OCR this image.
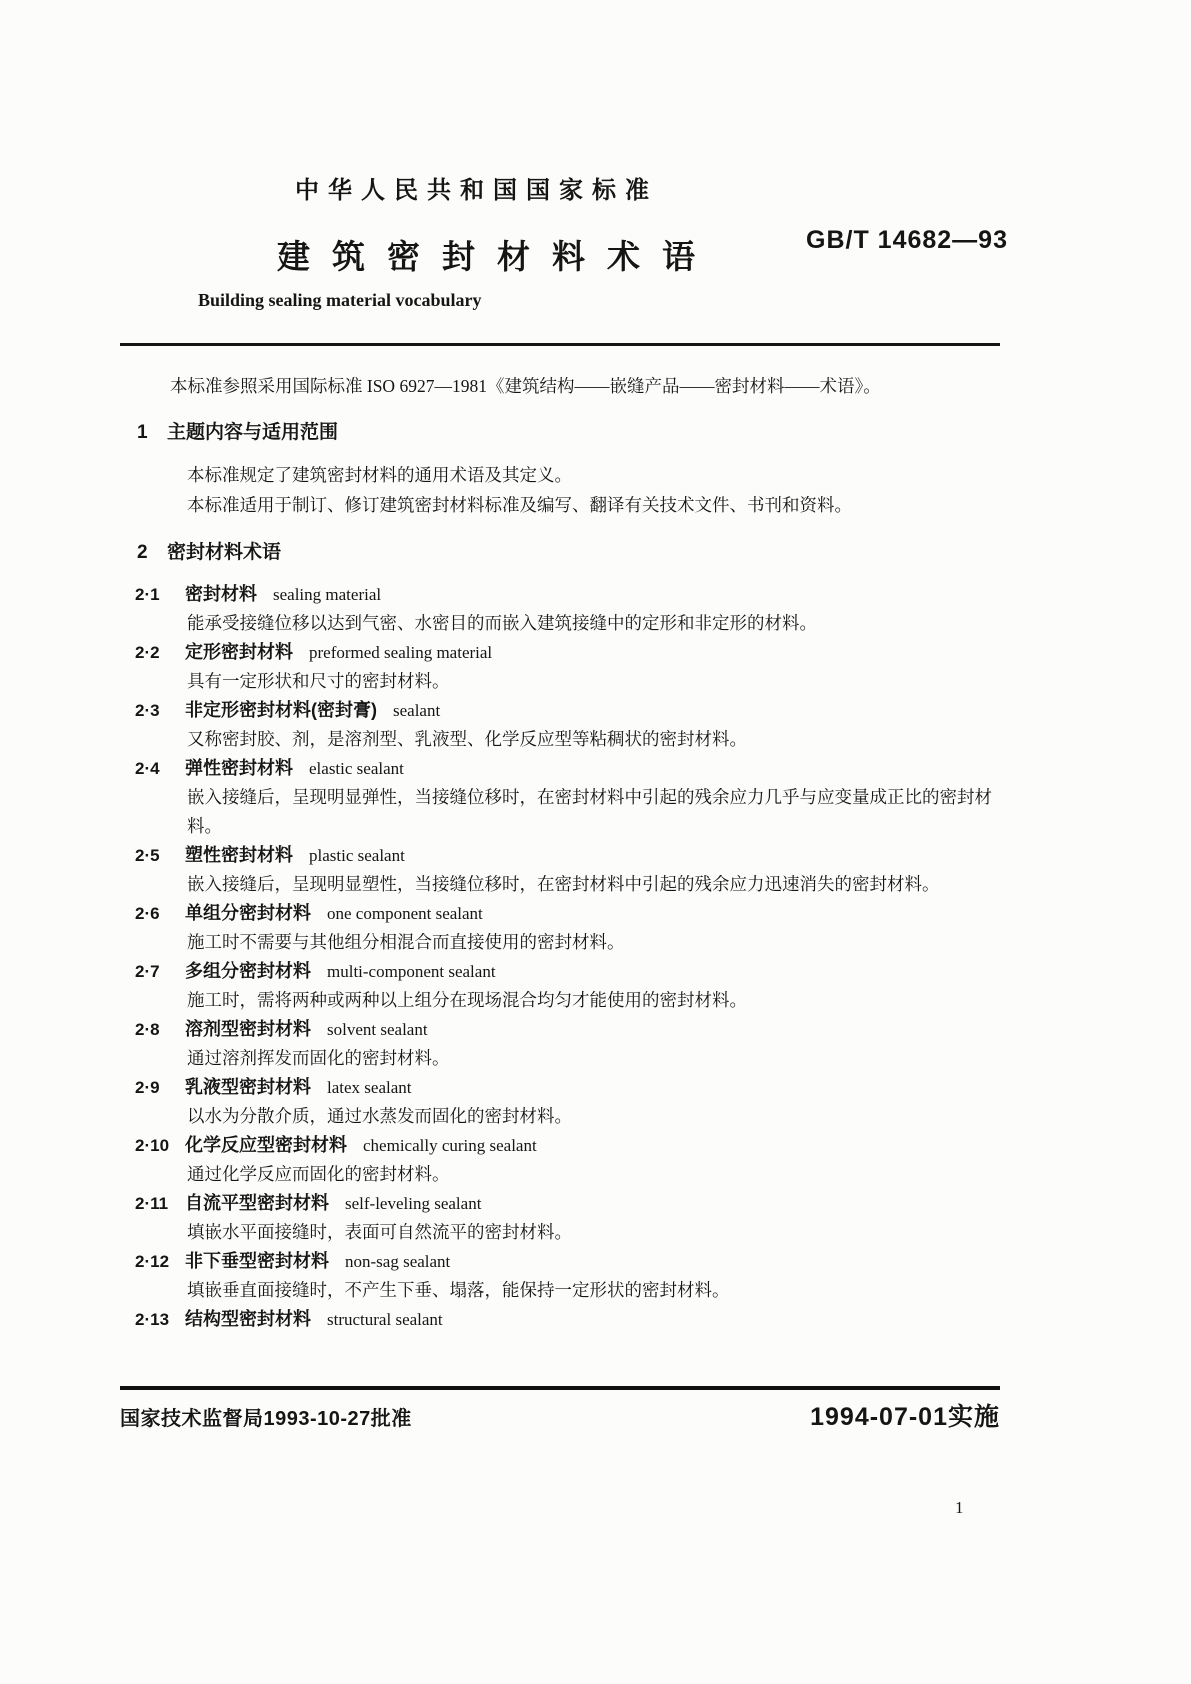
中华人民共和国国家标准
GB/T 14682—93
建筑密封材料术语
Building sealing material vocabulary

本标准参照采用国际标准 ISO 6927—1981《建筑结构——嵌缝产品——密封材料——术语》。

1 主题内容与适用范围

本标准规定了建筑密封材料的通用术语及其定义。

本标准适用于制订、修订建筑密封材料标准及编写、翻译有关技术文件、书刊和资料。

2 密封材料术语
2·1 密封材料 sealing material

能承受接缝位移以达到气密、水密目的而嵌入建筑接缝中的定形和非定形的材料。

2·2 定形密封材料 preformed sealing material

具有一定形状和尺寸的密封材料。

2·3 非定形密封材料(密封膏) sealant

又称密封胶、剂，是溶剂型、乳液型、化学反应型等粘稠状的密封材料。

2·4 弹性密封材料 elastic sealant

嵌入接缝后，呈现明显弹性，当接缝位移时，在密封材料中引起的残余应力几乎与应变量成正比的密封材料。

2·5 塑性密封材料 plastic sealant

嵌入接缝后，呈现明显塑性，当接缝位移时，在密封材料中引起的残余应力迅速消失的密封材料。

2·6 单组分密封材料 one component sealant

施工时不需要与其他组分相混合而直接使用的密封材料。

2·7 多组分密封材料 multi-component sealant

施工时，需将两种或两种以上组分在现场混合均匀才能使用的密封材料。

2·8 溶剂型密封材料 solvent sealant

通过溶剂挥发而固化的密封材料。

2·9 乳液型密封材料 latex sealant

以水为分散介质，通过水蒸发而固化的密封材料。

2·10 化学反应型密封材料 chemically curing sealant

通过化学反应而固化的密封材料。

2·11 自流平型密封材料 self-leveling sealant

填嵌水平面接缝时，表面可自然流平的密封材料。

2·12 非下垂型密封材料 non-sag sealant

填嵌垂直面接缝时，不产生下垂、塌落，能保持一定形状的密封材料。

2·13 结构型密封材料 structural sealant
国家技术监督局1993-10-27批准	1994-07-01实施
1
